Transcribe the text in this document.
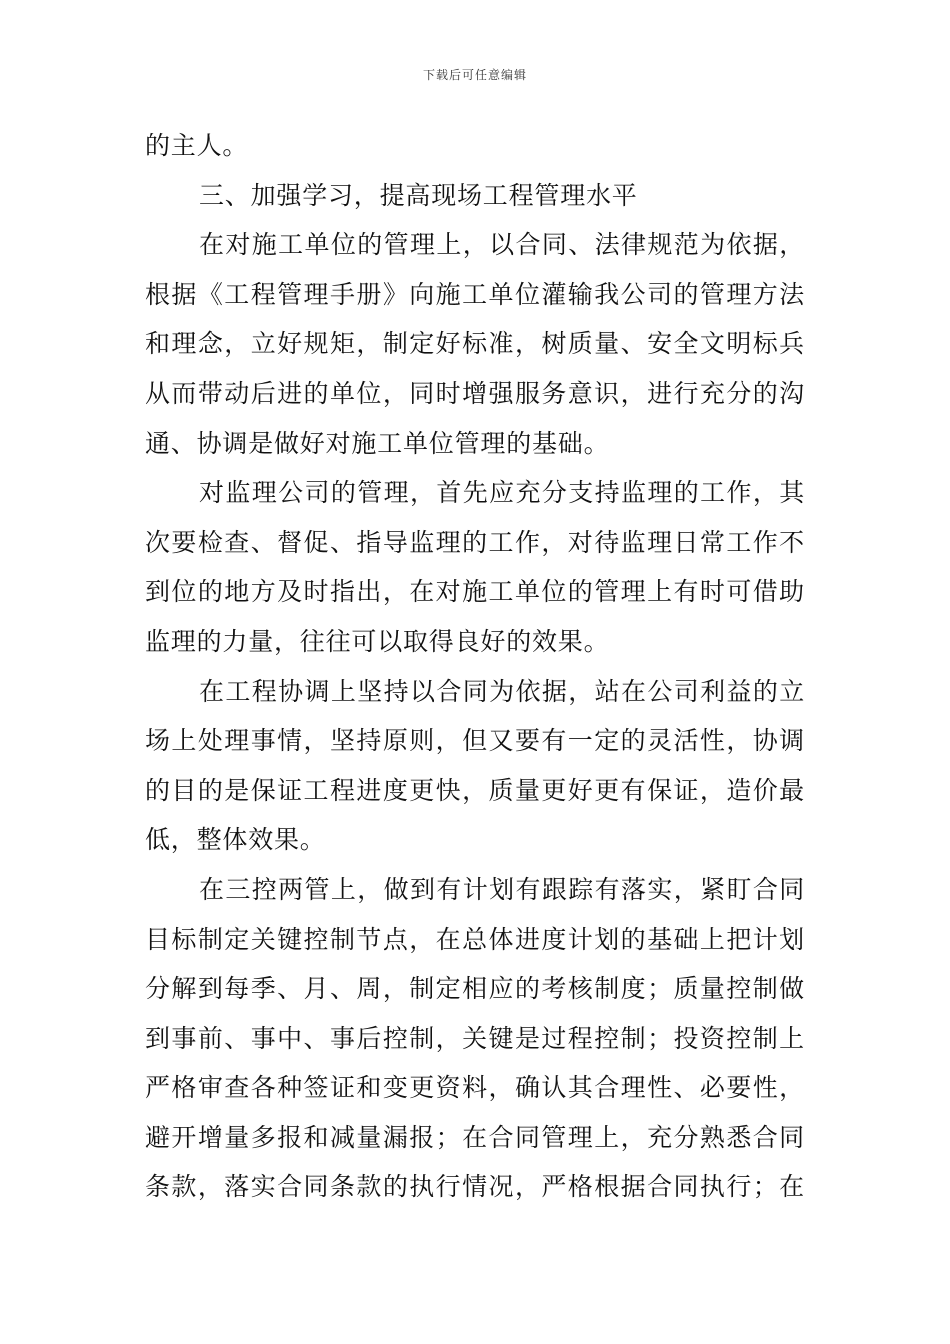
下载后可任意编辑
的主人。
三、加强学习，提高现场工程管理水平
在对施工单位的管理上，以合同、法律规范为依据，
根据《工程管理手册》向施工单位灌输我公司的管理方法
和理念，立好规矩，制定好标准，树质量、安全文明标兵
从而带动后进的单位，同时增强服务意识，进行充分的沟
通、协调是做好对施工单位管理的基础。
对监理公司的管理，首先应充分支持监理的工作，其
次要检查、督促、指导监理的工作，对待监理日常工作不
到位的地方及时指出，在对施工单位的管理上有时可借助
监理的力量，往往可以取得良好的效果。
在工程协调上坚持以合同为依据，站在公司利益的立
场上处理事情，坚持原则，但又要有一定的灵活性，协调
的目的是保证工程进度更快，质量更好更有保证，造价最
低，整体效果。
在三控两管上，做到有计划有跟踪有落实，紧盯合同
目标制定关键控制节点，在总体进度计划的基础上把计划
分解到每季、月、周，制定相应的考核制度；质量控制做
到事前、事中、事后控制，关键是过程控制；投资控制上
严格审查各种签证和变更资料，确认其合理性、必要性，
避开增量多报和减量漏报；在合同管理上，充分熟悉合同
条款，落实合同条款的执行情况，严格根据合同执行；在
